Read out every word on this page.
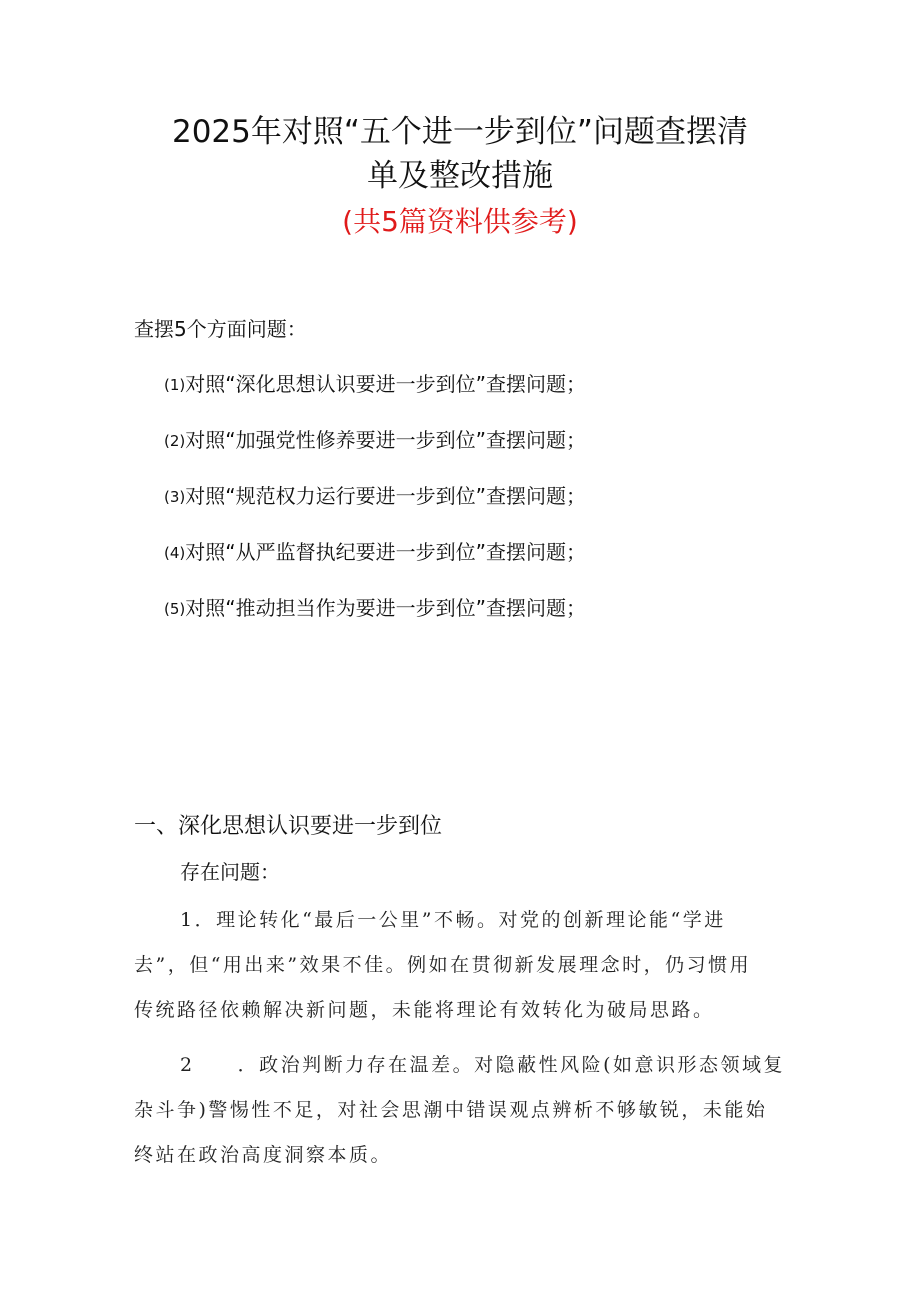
2025年对照“五个进一步到位”问题查摆清
单及整改措施
(共5篇资料供参考)
查摆5个方面问题：
(1)对照“深化思想认识要进一步到位”查摆问题；
(2)对照“加强党性修养要进一步到位”查摆问题；
(3)对照“规范权力运行要进一步到位”查摆问题；
(4)对照“从严监督执纪要进一步到位”查摆问题；
(5)对照“推动担当作为要进一步到位”查摆问题；
一、深化思想认识要进一步到位
存在问题：
1．理论转化“最后一公里”不畅。对党的创新理论能“学进
去”，但“用出来”效果不佳。例如在贯彻新发展理念时，仍习惯用
传统路径依赖解决新问题，未能将理论有效转化为破局思路。
2　　．政治判断力存在温差。对隐蔽性风险(如意识形态领域复
杂斗争)警惕性不足，对社会思潮中错误观点辨析不够敏锐，未能始
终站在政治高度洞察本质。
